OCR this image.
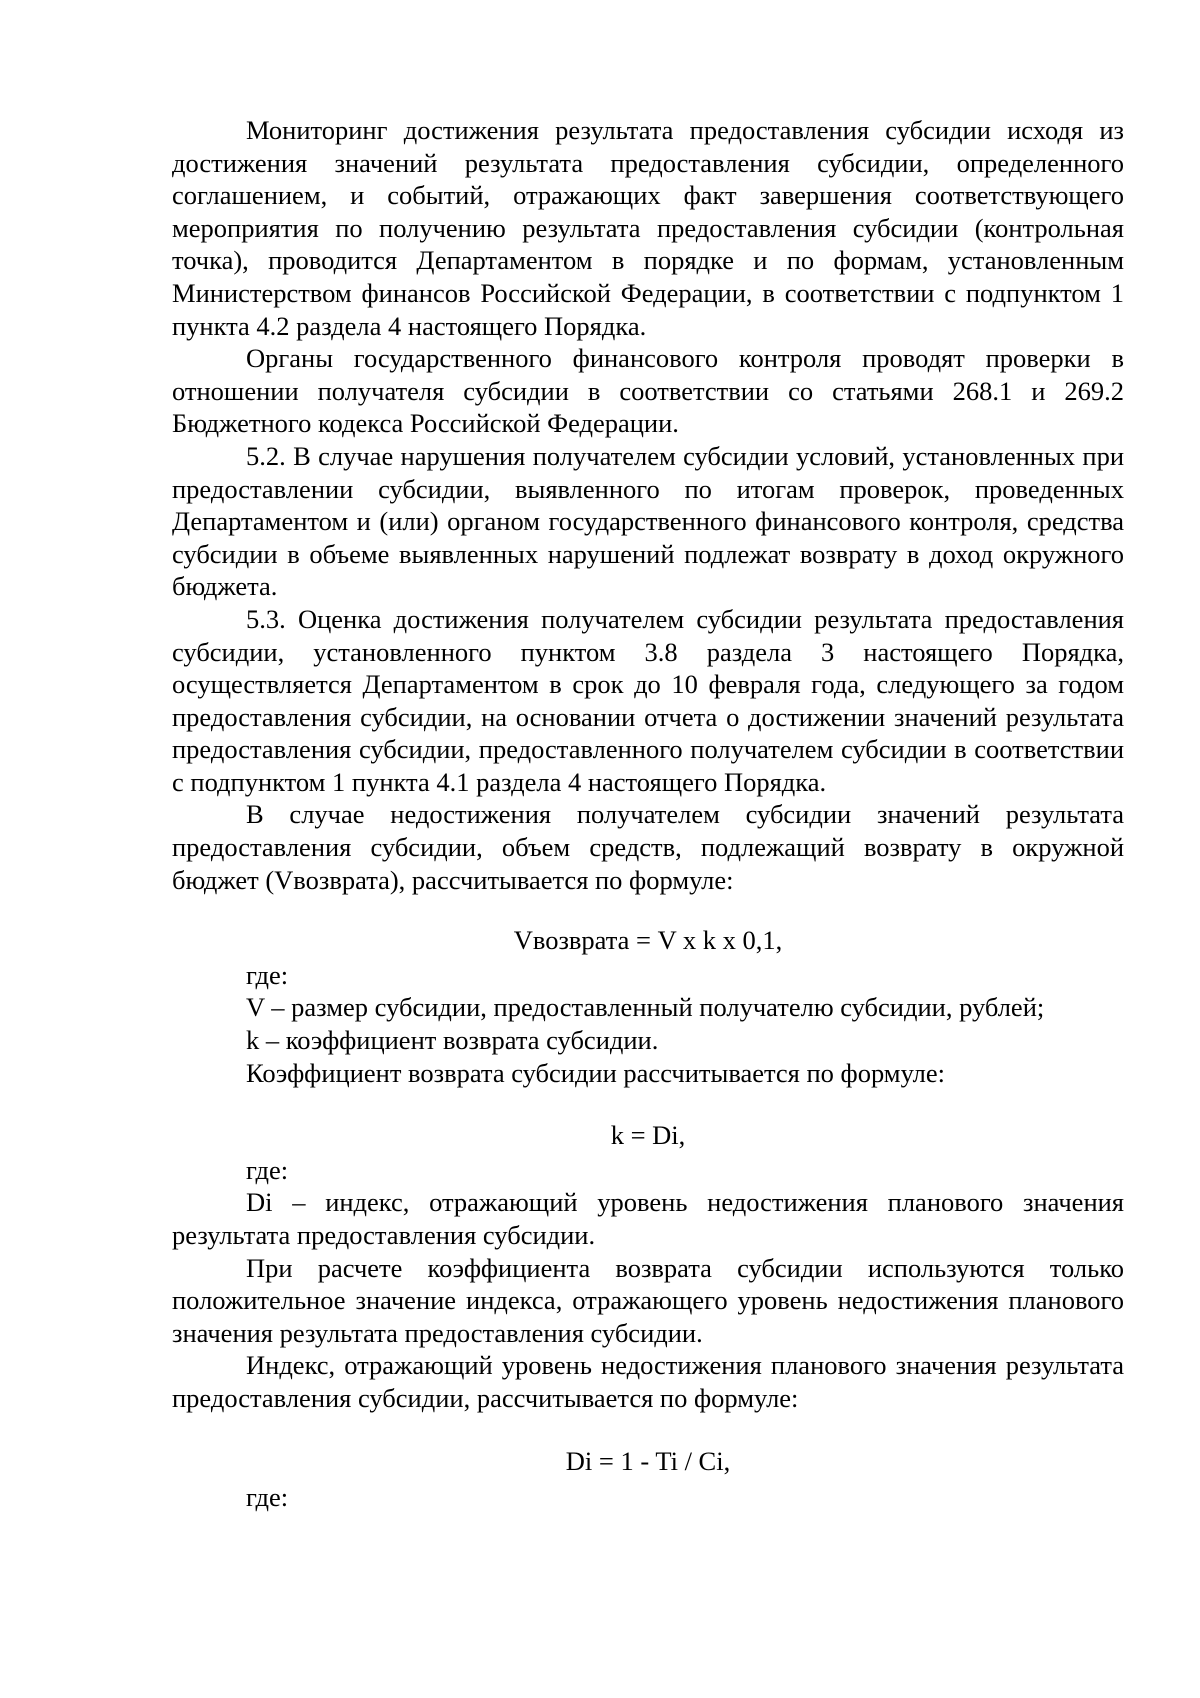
Мониторинг достижения результата предоставления субсидии исходя из достижения значений результата предоставления субсидии, определенного соглашением, и событий, отражающих факт завершения соответствующего мероприятия по получению результата предоставления субсидии (контрольная точка), проводится Департаментом в порядке и по формам, установленным Министерством финансов Российской Федерации, в соответствии с подпунктом 1 пункта 4.2 раздела 4 настоящего Порядка.

Органы государственного финансового контроля проводят проверки в отношении получателя субсидии в соответствии со статьями 268.1 и 269.2 Бюджетного кодекса Российской Федерации.

5.2. В случае нарушения получателем субсидии условий, установленных при предоставлении субсидии, выявленного по итогам проверок, проведенных Департаментом и (или) органом государственного финансового контроля, средства субсидии в объеме выявленных нарушений подлежат возврату в доход окружного бюджета.

5.3. Оценка достижения получателем субсидии результата предоставления субсидии, установленного пунктом 3.8 раздела 3 настоящего Порядка, осуществляется Департаментом в срок до 10 февраля года, следующего за годом предоставления субсидии, на основании отчета о достижении значений результата предоставления субсидии, предоставленного получателем субсидии в соответствии с подпунктом 1 пункта 4.1 раздела 4 настоящего Порядка.

В случае недостижения получателем субсидии значений результата предоставления субсидии, объем средств, подлежащий возврату в окружной бюджет (Vвозврата), рассчитывается по формуле:

Vвозврата = V x k x 0,1,

где:

V – размер субсидии, предоставленный получателю субсидии, рублей;

k – коэффициент возврата субсидии.

Коэффициент возврата субсидии рассчитывается по формуле:

k = Di,

где:

Di – индекс, отражающий уровень недостижения планового значения результата предоставления субсидии.

При расчете коэффициента возврата субсидии используются только положительное значение индекса, отражающего уровень недостижения планового значения результата предоставления субсидии.

Индекс, отражающий уровень недостижения планового значения результата предоставления субсидии, рассчитывается по формуле:

Di = 1 - Ti / Ci,

где:
